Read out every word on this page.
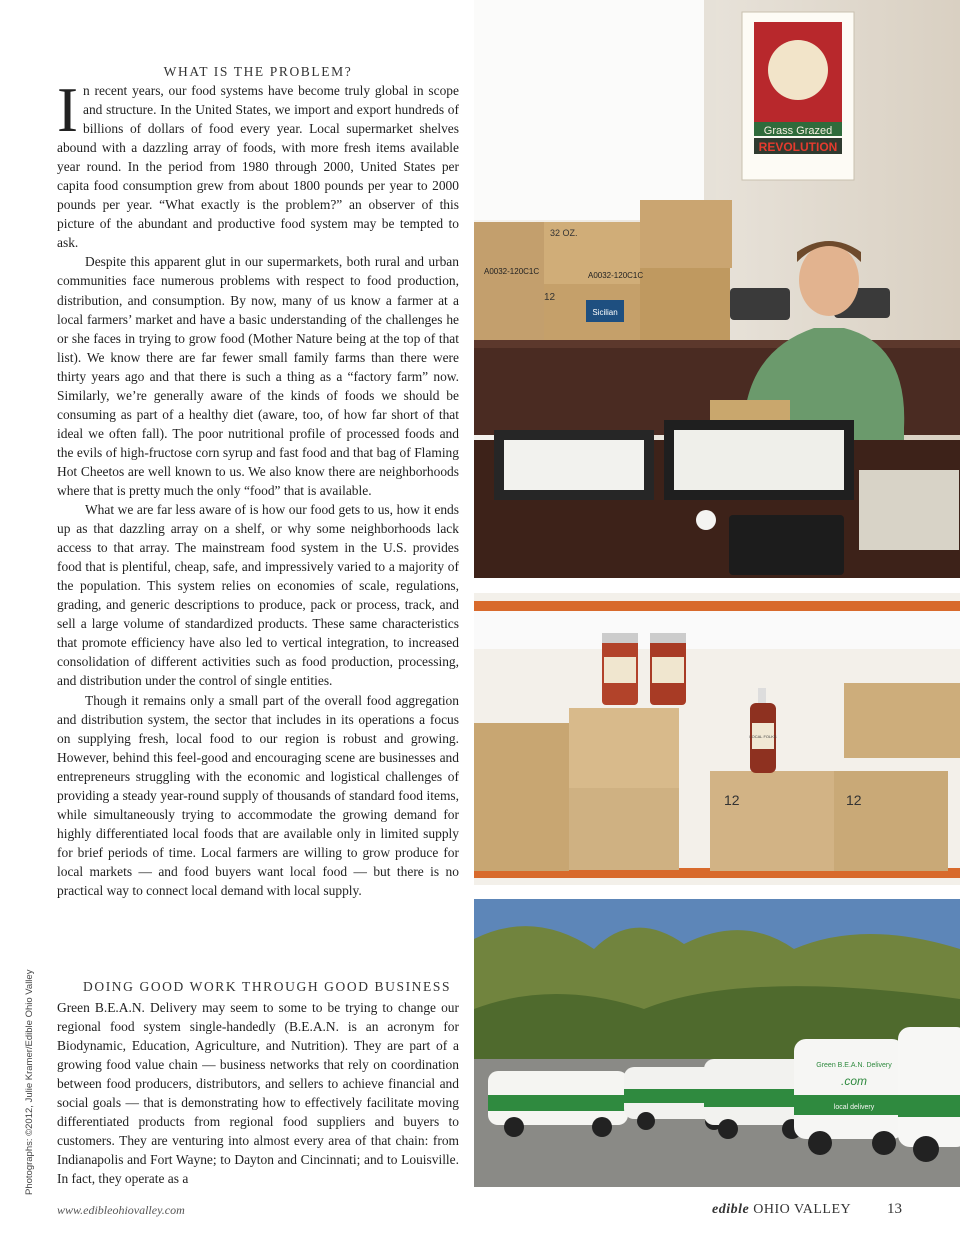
WHAT IS THE PROBLEM?

In recent years, our food systems have become truly global in scope and structure. In the United States, we import and export hundreds of billions of dollars of food every year. Local supermarket shelves abound with a dazzling array of foods, with more fresh items available year round. In the period from 1980 through 2000, United States per capita food consumption grew from about 1800 pounds per year to 2000 pounds per year. “What exactly is the problem?” an observer of this picture of the abundant and productive food system may be tempted to ask.

Despite this apparent glut in our supermarkets, both rural and urban communities face numerous problems with respect to food production, distribution, and consumption. By now, many of us know a farmer at a local farmers’ market and have a basic understanding of the challenges he or she faces in trying to grow food (Mother Nature being at the top of that list). We know there are far fewer small family farms than there were thirty years ago and that there is such a thing as a “factory farm” now. Similarly, we’re generally aware of the kinds of foods we should be consuming as part of a healthy diet (aware, too, of how far short of that ideal we often fall). The poor nutritional profile of processed foods and the evils of high-fructose corn syrup and fast food and that bag of Flaming Hot Cheetos are well known to us. We also know there are neighborhoods where that is pretty much the only “food” that is available.

What we are far less aware of is how our food gets to us, how it ends up as that dazzling array on a shelf, or why some neighborhoods lack access to that array. The mainstream food system in the U.S. provides food that is plentiful, cheap, safe, and impressively varied to a majority of the population. This system relies on economies of scale, regulations, grading, and generic descriptions to produce, pack or process, track, and sell a large volume of standardized products. These same characteristics that promote efficiency have also led to vertical integration, to increased consolidation of different activities such as food production, processing, and distribution under the control of single entities.

Though it remains only a small part of the overall food aggregation and distribution system, the sector that includes in its operations a focus on supplying fresh, local food to our region is robust and growing. However, behind this feel-good and encouraging scene are businesses and entrepreneurs struggling with the economic and logistical challenges of providing a steady year-round supply of thousands of standard food items, while simultaneously trying to accommodate the growing demand for highly differentiated local foods that are available only in limited supply for brief periods of time. Local farmers are willing to grow produce for local markets — and food buyers want local food — but there is no practical way to connect local demand with local supply.

DOING GOOD WORK THROUGH GOOD BUSINESS

Green B.E.A.N. Delivery may seem to some to be trying to change our regional food system single-handedly (B.E.A.N. is an acronym for Biodynamic, Education, Agriculture, and Nutrition). They are part of a growing food value chain — business networks that rely on coordination between food producers, distributors, and sellers to achieve financial and social goals — that is demonstrating how to effectively facilitate moving differentiated products from regional food suppliers and buyers to customers. They are venturing into almost every area of that chain: from Indianapolis and Fort Wayne; to Dayton and Cincinnati; and to Louisville. In fact, they operate as a

Photographs: ©2012, Julie Kramer/Edible Ohio Valley
Grass Grazed
REVOLUTION
32 OZ.
12
A0032-120C1C	A0032-120C1C
Sicilian
12	12
LOCAL FOLKS
Green B.E.A.N. Delivery
.com
local delivery
www.edibleohiovalley.com	edible OHIO VALLEY 13
